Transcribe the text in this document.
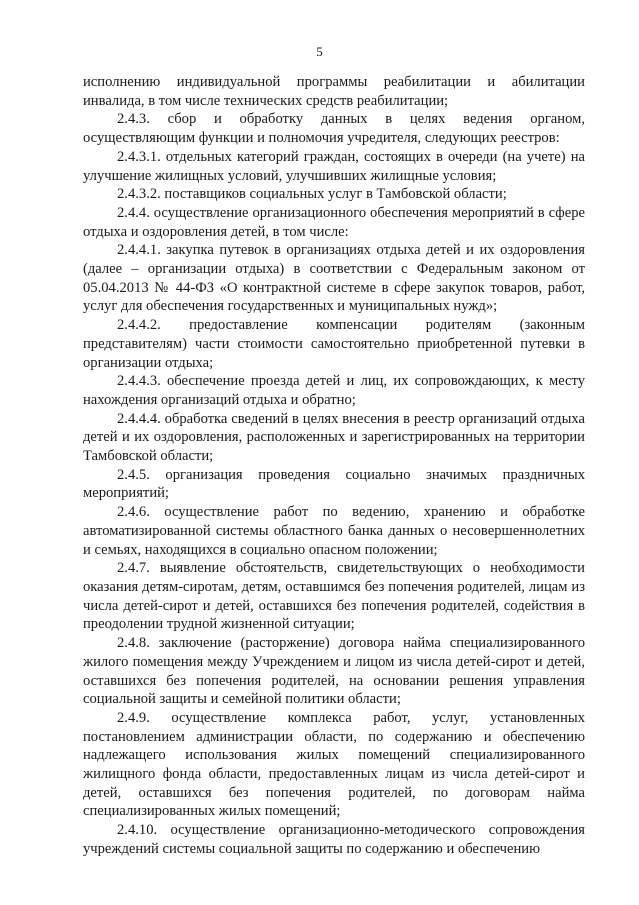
5

исполнению индивидуальной программы реабилитации и абилитации инвалида, в том числе технических средств реабилитации;

2.4.3. сбор и обработку данных в целях ведения органом, осуществляющим функции и полномочия учредителя, следующих реестров:

2.4.3.1. отдельных категорий граждан, состоящих в очереди (на учете) на улучшение жилищных условий, улучшивших жилищные условия;

2.4.3.2. поставщиков социальных услуг в Тамбовской области;

2.4.4. осуществление организационного обеспечения мероприятий в сфере отдыха и оздоровления детей, в том числе:

2.4.4.1. закупка путевок в организациях отдыха детей и их оздоровления (далее – организации отдыха) в соответствии с Федеральным законом от 05.04.2013 № 44-ФЗ «О контрактной системе в сфере закупок товаров, работ, услуг для обеспечения государственных и муниципальных нужд»;

2.4.4.2. предоставление компенсации родителям (законным представителям) части стоимости самостоятельно приобретенной путевки в организации отдыха;

2.4.4.3. обеспечение проезда детей и лиц, их сопровождающих, к месту нахождения организаций отдыха и обратно;

2.4.4.4. обработка сведений в целях внесения в реестр организаций отдыха детей и их оздоровления, расположенных и зарегистрированных на территории Тамбовской области;

2.4.5. организация проведения социально значимых праздничных мероприятий;

2.4.6. осуществление работ по ведению, хранению и обработке автоматизированной системы областного банка данных о несовершеннолетних и семьях, находящихся в социально опасном положении;

2.4.7. выявление обстоятельств, свидетельствующих о необходимости оказания детям-сиротам, детям, оставшимся без попечения родителей, лицам из числа детей-сирот и детей, оставшихся без попечения родителей, содействия в преодолении трудной жизненной ситуации;

2.4.8. заключение (расторжение) договора найма специализированного жилого помещения между Учреждением и лицом из числа детей-сирот и детей, оставшихся без попечения родителей, на основании решения управления социальной защиты и семейной политики области;

2.4.9. осуществление комплекса работ, услуг, установленных постановлением администрации области, по содержанию и обеспечению надлежащего использования жилых помещений специализированного жилищного фонда области, предоставленных лицам из числа детей-сирот и детей, оставшихся без попечения родителей, по договорам найма специализированных жилых помещений;

2.4.10. осуществление организационно-методического сопровождения учреждений системы социальной защиты по содержанию и обеспечению
